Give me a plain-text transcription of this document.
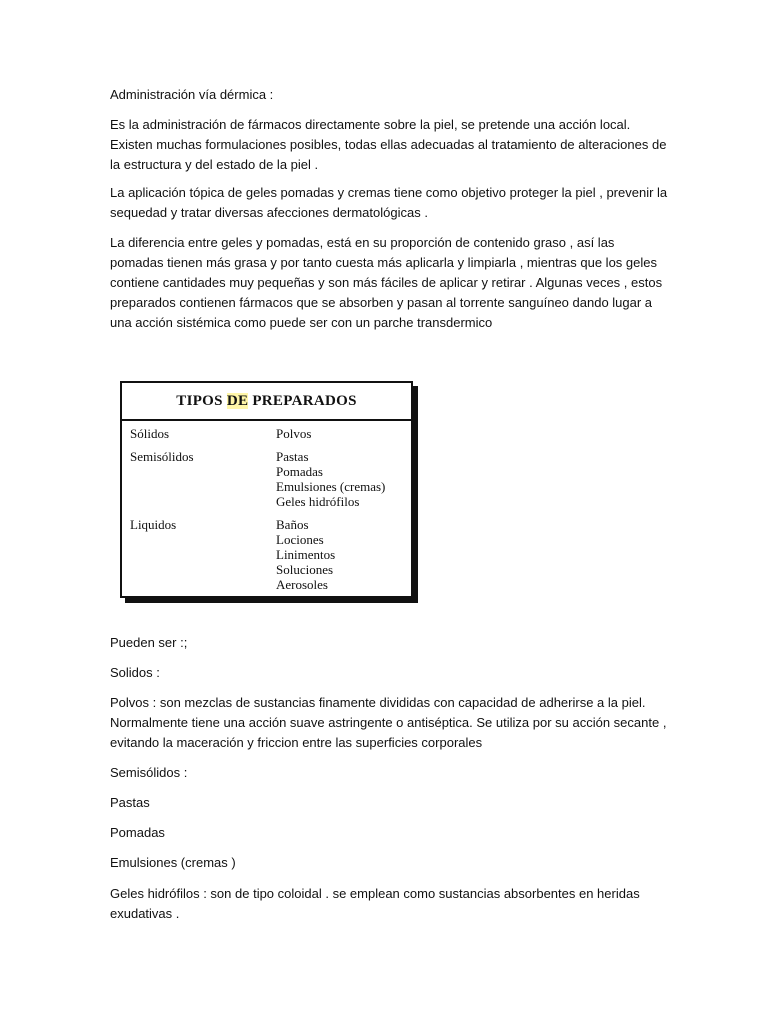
Administración vía dérmica :

Es la administración de fármacos directamente sobre la piel, se pretende una acción local. Existen muchas formulaciones posibles, todas ellas adecuadas al tratamiento de alteraciones de la estructura y del estado de la piel .

La aplicación tópica de geles pomadas y cremas tiene como objetivo proteger la piel , prevenir la sequedad y tratar diversas afecciones dermatológicas .

La diferencia entre geles y pomadas, está en su proporción de contenido graso , así las pomadas tienen más grasa y por tanto cuesta más aplicarla y limpiarla , mientras que los geles contiene cantidades muy pequeñas y son más fáciles de aplicar y retirar . Algunas veces , estos preparados contienen fármacos que se absorben y pasan al torrente sanguíneo dando lugar a una acción sistémica como puede ser con un parche transdermico

TIPOS DE PREPARADOS
Sólidos	Polvos
Semisólidos	Pastas
Pomadas
Emulsiones (cremas)
Geles hidrófilos
Liquidos	Baños
Lociones
Linimentos
Soluciones
Aerosoles

Pueden ser :;

Solidos :

Polvos : son mezclas de sustancias finamente divididas con capacidad de adherirse a la piel. Normalmente tiene una acción suave astringente o antiséptica. Se utiliza por su acción secante , evitando la maceración y friccion entre las superficies corporales

Semisólidos :

Pastas

Pomadas

Emulsiones (cremas )

Geles hidrófilos : son de tipo coloidal . se emplean como sustancias absorbentes en heridas exudativas .
